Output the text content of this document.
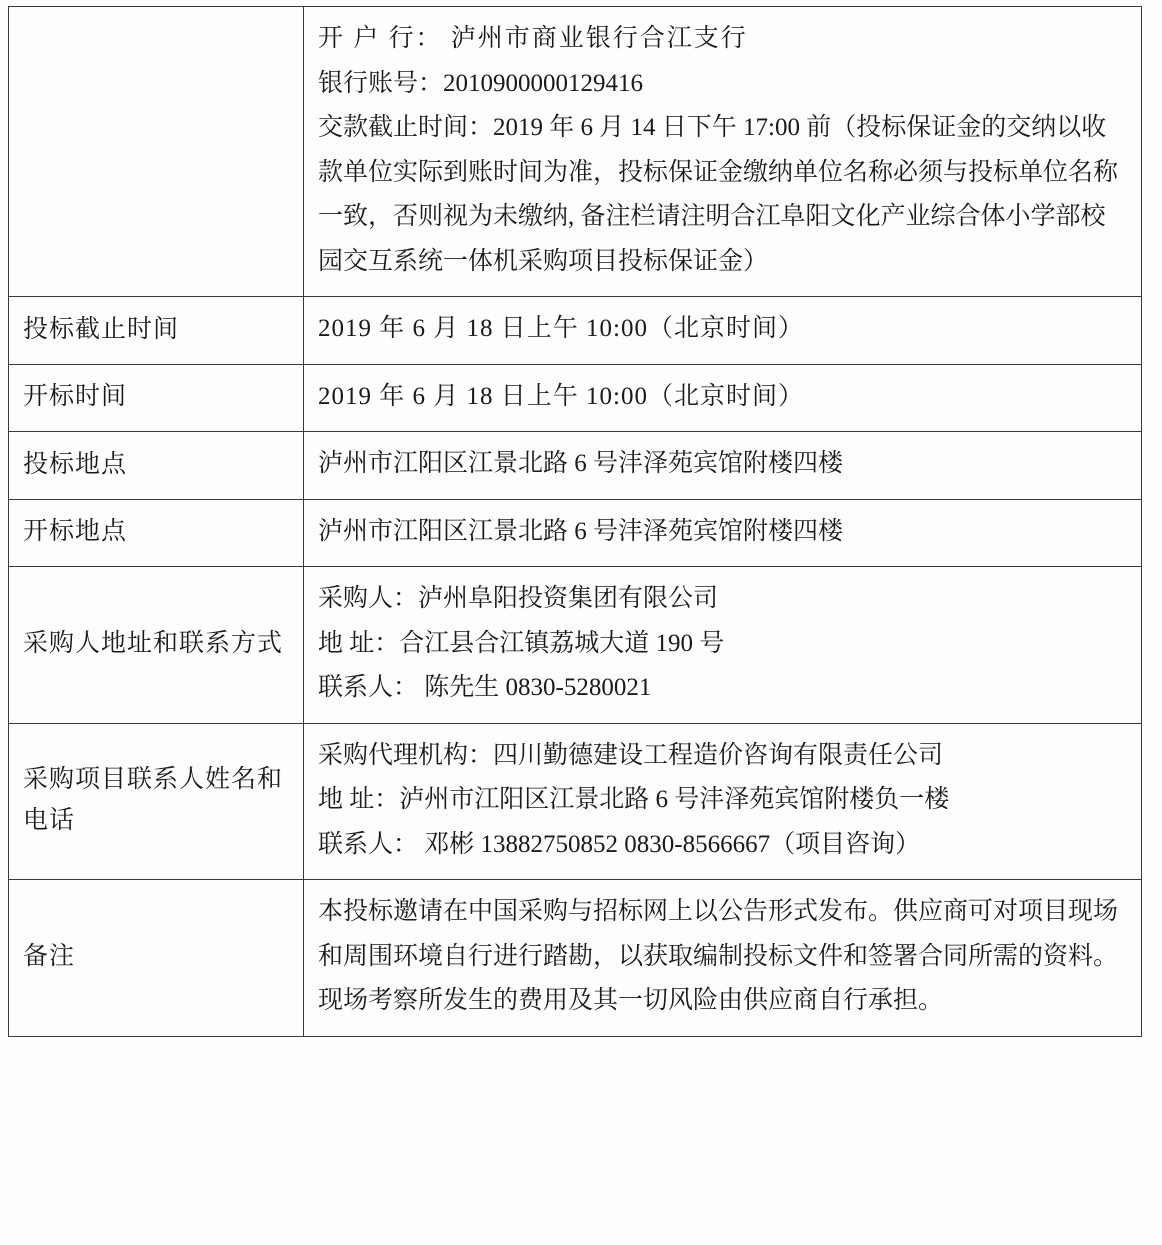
	开 户 行： 泸州市商业银行合江支行
银行账号：2010900000129416
交款截止时间：2019 年 6 月 14 日下午 17:00 前（投标保证金的交纳以收款单位实际到账时间为准，投标保证金缴纳单位名称必须与投标单位名称一致，否则视为未缴纳, 备注栏请注明合江阜阳文化产业综合体小学部校园交互系统一体机采购项目投标保证金）

投标截止时间	2019 年 6 月 18 日上午 10:00（北京时间）

开标时间	2019 年 6 月 18 日上午 10:00（北京时间）

投标地点	泸州市江阳区江景北路 6 号沣泽苑宾馆附楼四楼

开标地点	泸州市江阳区江景北路 6 号沣泽苑宾馆附楼四楼

采购人地址和联系方式	采购人：泸州阜阳投资集团有限公司
地 址：合江县合江镇荔城大道 190 号
联系人： 陈先生 0830-5280021

采购项目联系人姓名和电话	采购代理机构：四川勤德建设工程造价咨询有限责任公司
地 址：泸州市江阳区江景北路 6 号沣泽苑宾馆附楼负一楼
联系人： 邓彬 13882750852 0830-8566667（项目咨询）

备注	本投标邀请在中国采购与招标网上以公告形式发布。供应商可对项目现场和周围环境自行进行踏勘，以获取编制投标文件和签署合同所需的资料。现场考察所发生的费用及其一切风险由供应商自行承担。
